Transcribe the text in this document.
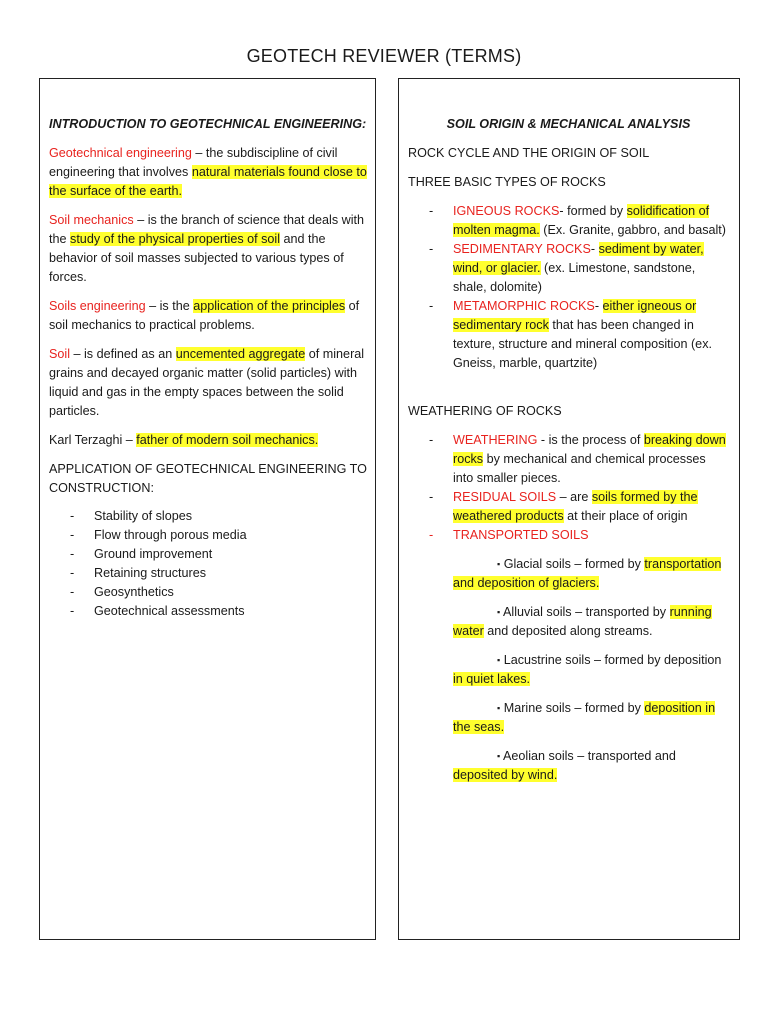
GEOTECH REVIEWER (TERMS)
INTRODUCTION TO GEOTECHNICAL ENGINEERING:

Geotechnical engineering – the subdiscipline of civil engineering that involves natural materials found close to the surface of the earth.

Soil mechanics – is the branch of science that deals with the study of the physical properties of soil and the behavior of soil masses subjected to various types of forces.

Soils engineering – is the application of the principles of soil mechanics to practical problems.

Soil – is defined as an uncemented aggregate of mineral grains and decayed organic matter (solid particles) with liquid and gas in the empty spaces between the solid particles.

Karl Terzaghi – father of modern soil mechanics.

APPLICATION OF GEOTECHNICAL ENGINEERING TO CONSTRUCTION:

- Stability of slopes
- Flow through porous media
- Ground improvement
- Retaining structures
- Geosynthetics
- Geotechnical assessments
SOIL ORIGIN & MECHANICAL ANALYSIS

ROCK CYCLE AND THE ORIGIN OF SOIL

THREE BASIC TYPES OF ROCKS

- IGNEOUS ROCKS- formed by solidification of molten magma. (Ex. Granite, gabbro, and basalt)
- SEDIMENTARY ROCKS- sediment by water, wind, or glacier. (ex. Limestone, sandstone, shale, dolomite)
- METAMORPHIC ROCKS- either igneous or sedimentary rock that has been changed in texture, structure and mineral composition (ex. Gneiss, marble, quartzite)

WEATHERING OF ROCKS

- WEATHERING - is the process of breaking down rocks by mechanical and chemical processes into smaller pieces.
- RESIDUAL SOILS – are soils formed by the weathered products at their place of origin
- TRANSPORTED SOILS

▪ Glacial soils – formed by transportation and deposition of glaciers.

▪ Alluvial soils – transported by running water and deposited along streams.

▪ Lacustrine soils – formed by deposition in quiet lakes.

▪ Marine soils – formed by deposition in the seas.

▪ Aeolian soils – transported and deposited by wind.
